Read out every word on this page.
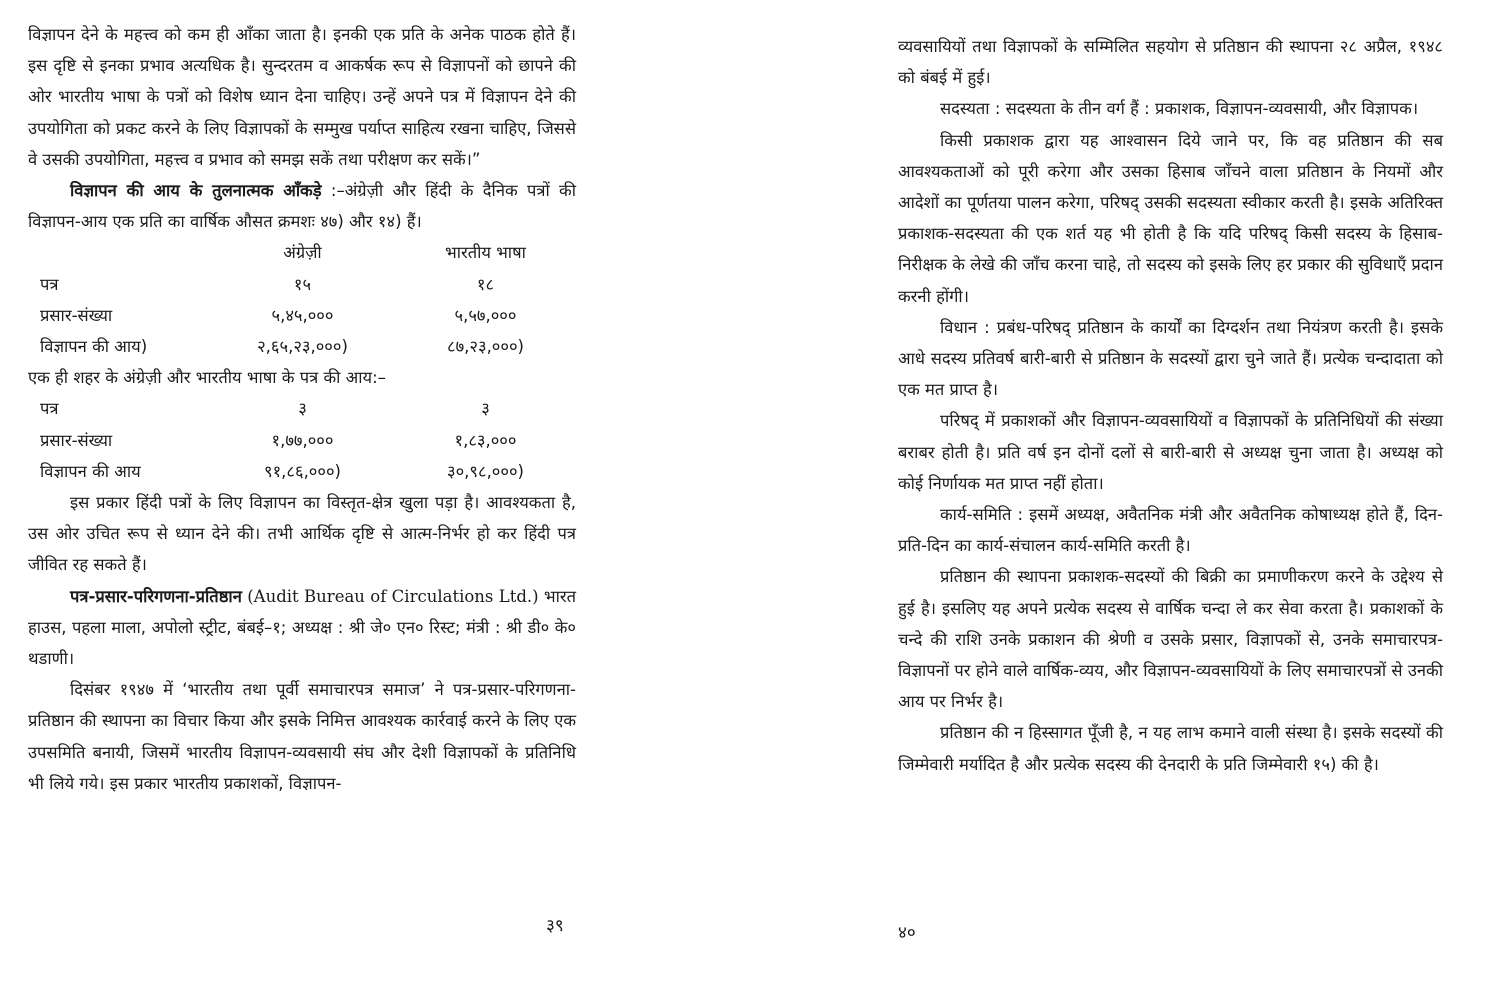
विज्ञापन देने के महत्त्व को कम ही आँका जाता है। इनकी एक प्रति के अनेक पाठक होते हैं। इस दृष्टि से इनका प्रभाव अत्यधिक है। सुन्दरतम व आकर्षक रूप से विज्ञापनों को छापने की ओर भारतीय भाषा के पत्रों को विशेष ध्यान देना चाहिए। उन्हें अपने पत्र में विज्ञापन देने की उपयोगिता को प्रकट करने के लिए विज्ञापकों के सम्मुख पर्याप्त साहित्य रखना चाहिए, जिससे वे उसकी उपयोगिता, महत्त्व व प्रभाव को समझ सकें तथा परीक्षण कर सकें।”

विज्ञापन की आय के तुलनात्मक आँकड़े :–अंग्रेज़ी और हिंदी के दैनिक पत्रों की विज्ञापन-आय एक प्रति का वार्षिक औसत क्रमशः ४७) और १४) हैं।

	अंग्रेज़ी	भारतीय भाषा
पत्र	१५	१८
प्रसार-संख्या	५,४५,०००	५,५७,०००
विज्ञापन की आय)	२,६५,२३,०००)	८७,२३,०००)

एक ही शहर के अंग्रेज़ी और भारतीय भाषा के पत्र की आय:–

पत्र	३	३
प्रसार-संख्या	१,७७,०००	१,८३,०००
विज्ञापन की आय	९१,८६,०००)	३०,९८,०००)

इस प्रकार हिंदी पत्रों के लिए विज्ञापन का विस्तृत-क्षेत्र खुला पड़ा है। आवश्यकता है, उस ओर उचित रूप से ध्यान देने की। तभी आर्थिक दृष्टि से आत्म-निर्भर हो कर हिंदी पत्र जीवित रह सकते हैं।

पत्र-प्रसार-परिगणना-प्रतिष्ठान (Audit Bureau of Circulations Ltd.) भारत हाउस, पहला माला, अपोलो स्ट्रीट, बंबई–१; अध्यक्ष : श्री जे० एन० रिस्ट; मंत्री : श्री डी० के० थडाणी।

दिसंबर १९४७ में ‘भारतीय तथा पूर्वी समाचारपत्र समाज’ ने पत्र-प्रसार-परिगणना-प्रतिष्ठान की स्थापना का विचार किया और इसके निमित्त आवश्यक कार्रवाई करने के लिए एक उपसमिति बनायी, जिसमें भारतीय विज्ञापन-व्यवसायी संघ और देशी विज्ञापकों के प्रतिनिधि भी लिये गये। इस प्रकार भारतीय प्रकाशकों, विज्ञापन-

३९

व्यवसायियों तथा विज्ञापकों के सम्मिलित सहयोग से प्रतिष्ठान की स्थापना २८ अप्रैल, १९४८ को बंबई में हुई।

सदस्यता : सदस्यता के तीन वर्ग हैं : प्रकाशक, विज्ञापन-व्यवसायी, और विज्ञापक।

किसी प्रकाशक द्वारा यह आश्वासन दिये जाने पर, कि वह प्रतिष्ठान की सब आवश्यकताओं को पूरी करेगा और उसका हिसाब जाँचने वाला प्रतिष्ठान के नियमों और आदेशों का पूर्णतया पालन करेगा, परिषद् उसकी सदस्यता स्वीकार करती है। इसके अतिरिक्त प्रकाशक-सदस्यता की एक शर्त यह भी होती है कि यदि परिषद् किसी सदस्य के हिसाब-निरीक्षक के लेखे की जाँच करना चाहे, तो सदस्य को इसके लिए हर प्रकार की सुविधाएँ प्रदान करनी होंगी।

विधान : प्रबंध-परिषद् प्रतिष्ठान के कार्यों का दिग्दर्शन तथा नियंत्रण करती है। इसके आधे सदस्य प्रतिवर्ष बारी-बारी से प्रतिष्ठान के सदस्यों द्वारा चुने जाते हैं। प्रत्येक चन्दादाता को एक मत प्राप्त है।

परिषद् में प्रकाशकों और विज्ञापन-व्यवसायियों व विज्ञापकों के प्रतिनिधियों की संख्या बराबर होती है। प्रति वर्ष इन दोनों दलों से बारी-बारी से अध्यक्ष चुना जाता है। अध्यक्ष को कोई निर्णायक मत प्राप्त नहीं होता।

कार्य-समिति : इसमें अध्यक्ष, अवैतनिक मंत्री और अवैतनिक कोषाध्यक्ष होते हैं, दिन-प्रति-दिन का कार्य-संचालन कार्य-समिति करती है।

प्रतिष्ठान की स्थापना प्रकाशक-सदस्यों की बिक्री का प्रमाणीकरण करने के उद्देश्य से हुई है। इसलिए यह अपने प्रत्येक सदस्य से वार्षिक चन्दा ले कर सेवा करता है। प्रकाशकों के चन्दे की राशि उनके प्रकाशन की श्रेणी व उसके प्रसार, विज्ञापकों से, उनके समाचारपत्र-विज्ञापनों पर होने वाले वार्षिक-व्यय, और विज्ञापन-व्यवसायियों के लिए समाचारपत्रों से उनकी आय पर निर्भर है।

प्रतिष्ठान की न हिस्सागत पूँजी है, न यह लाभ कमाने वाली संस्था है। इसके सदस्यों की जिम्मेवारी मर्यादित है और प्रत्येक सदस्य की देनदारी के प्रति जिम्मेवारी १५) की है।

४०
